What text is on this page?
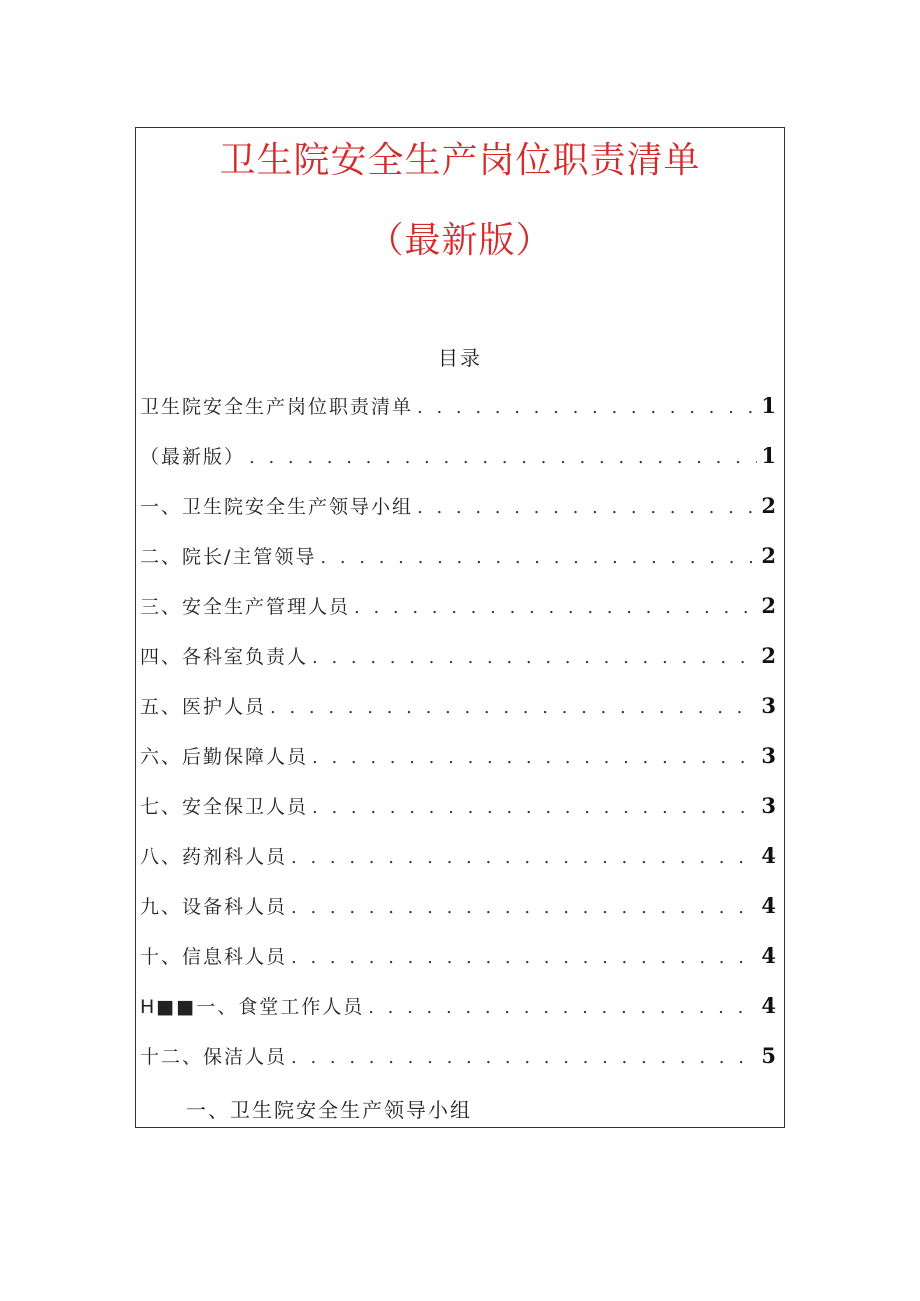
卫生院安全生产岗位职责清单
（最新版）
目录
卫生院安全生产岗位职责清单 . . .	1
（最新版） . . .	1
一、卫生院安全生产领导小组 . . .	2
二、院长/主管领导 . . .	2
三、安全生产管理人员 . . .	2
四、各科室负责人 . . .	2
五、医护人员 . . .	3
六、后勤保障人员 . . .	3
七、安全保卫人员 . . .	3
八、药剂科人员 . . .	4
九、设备科人员 . . .	4
十、信息科人员 . . .	4
H■■一、食堂工作人员 . . .	4
十二、保洁人员 . . .	5
一、卫生院安全生产领导小组
